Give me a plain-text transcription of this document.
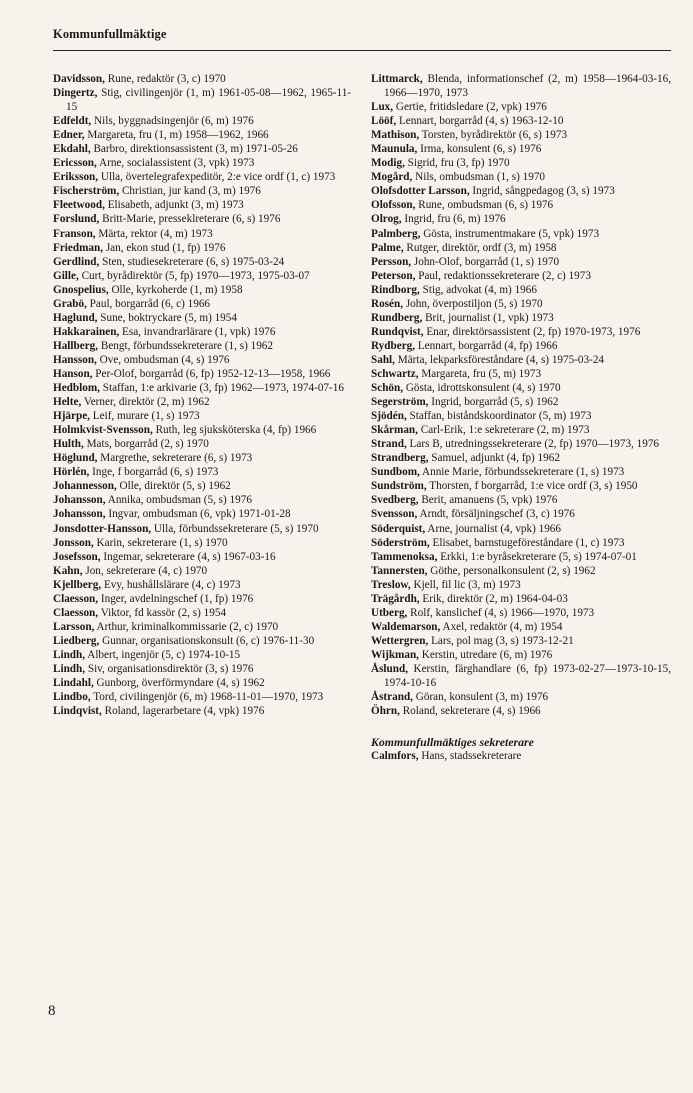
Kommunfullmäktige

Davidsson, Rune, redaktör (3, c) 1970

Dingertz, Stig, civilingenjör (1, m) 1961-05-08—1962, 1965-11-15

Edfeldt, Nils, byggnadsingenjör (6, m) 1976

Edner, Margareta, fru (1, m) 1958—1962, 1966

Ekdahl, Barbro, direktionsassistent (3, m) 1971-05-26

Ericsson, Arne, socialassistent (3, vpk) 1973

Eriksson, Ulla, övertelegrafexpeditör, 2:e vice ordf (1, c) 1973

Fischerström, Christian, jur kand (3, m) 1976

Fleetwood, Elisabeth, adjunkt (3, m) 1973

Forslund, Britt-Marie, presseklreterare (6, s) 1976

Franson, Märta, rektor (4, m) 1973

Friedman, Jan, ekon stud (1, fp) 1976

Gerdlind, Sten, studiesekreterare (6, s) 1975-03-24

Gille, Curt, byrådirektör (5, fp) 1970—1973, 1975-03-07

Gnospelius, Olle, kyrkoherde (1, m) 1958

Grabö, Paul, borgarråd (6, c) 1966

Haglund, Sune, boktryckare (5, m) 1954

Hakkarainen, Esa, invandrarlärare (1, vpk) 1976

Hallberg, Bengt, förbundssekreterare (1, s) 1962

Hansson, Ove, ombudsman (4, s) 1976

Hanson, Per-Olof, borgarråd (6, fp) 1952-12-13—1958, 1966

Hedblom, Staffan, 1:e arkivarie (3, fp) 1962—1973, 1974-07-16

Helte, Verner, direktör (2, m) 1962

Hjärpe, Leif, murare (1, s) 1973

Holmkvist-Svensson, Ruth, leg sjuksköterska (4, fp) 1966

Hulth, Mats, borgarråd (2, s) 1970

Höglund, Margrethe, sekreterare (6, s) 1973

Hörlén, Inge, f borgarråd (6, s) 1973

Johannesson, Olle, direktör (5, s) 1962

Johansson, Annika, ombudsman (5, s) 1976

Johansson, Ingvar, ombudsman (6, vpk) 1971-01-28

Jonsdotter-Hansson, Ulla, förbundssekreterare (5, s) 1970

Jonsson, Karin, sekreterare (1, s) 1970

Josefsson, Ingemar, sekreterare (4, s) 1967-03-16

Kahn, Jon, sekreterare (4, c) 1970

Kjellberg, Evy, hushållslärare (4, c) 1973

Claesson, Inger, avdelningschef (1, fp) 1976

Claesson, Viktor, fd kassör (2, s) 1954

Larsson, Arthur, kriminalkommissarie (2, c) 1970

Liedberg, Gunnar, organisationskonsult (6, c) 1976-11-30

Lindh, Albert, ingenjör (5, c) 1974-10-15

Lindh, Siv, organisationsdirektör (3, s) 1976

Lindahl, Gunborg, överförmyndare (4, s) 1962

Lindbo, Tord, civilingenjör (6, m) 1968-11-01—1970, 1973

Lindqvist, Roland, lagerarbetare (4, vpk) 1976

Littmarck, Blenda, informationschef (2, m) 1958—1964-03-16, 1966—1970, 1973

Lux, Gertie, fritidsledare (2, vpk) 1976

Lööf, Lennart, borgarråd (4, s) 1963-12-10

Mathison, Torsten, byrådirektör (6, s) 1973

Maunula, Irma, konsulent (6, s) 1976

Modig, Sigrid, fru (3, fp) 1970

Mogård, Nils, ombudsman (1, s) 1970

Olofsdotter Larsson, Ingrid, sångpedagog (3, s) 1973

Olofsson, Rune, ombudsman (6, s) 1976

Olrog, Ingrid, fru (6, m) 1976

Palmberg, Gösta, instrumentmakare (5, vpk) 1973

Palme, Rutger, direktör, ordf (3, m) 1958

Persson, John-Olof, borgarråd (1, s) 1970

Peterson, Paul, redaktionssekreterare (2, c) 1973

Rindborg, Stig, advokat (4, m) 1966

Rosén, John, överpostiljon (5, s) 1970

Rundberg, Brit, journalist (1, vpk) 1973

Rundqvist, Enar, direktörsassistent (2, fp) 1970-1973, 1976

Rydberg, Lennart, borgarråd (4, fp) 1966

Sahl, Märta, lekparksföreståndare (4, s) 1975-03-24

Schwartz, Margareta, fru (5, m) 1973

Schön, Gösta, idrottskonsulent (4, s) 1970

Segerström, Ingrid, borgarråd (5, s) 1962

Sjödén, Staffan, biståndskoordinator (5, m) 1973

Skårman, Carl-Erik, 1:e sekreterare (2, m) 1973

Strand, Lars B, utredningssekreterare (2, fp) 1970—1973, 1976

Strandberg, Samuel, adjunkt (4, fp) 1962

Sundbom, Annie Marie, förbundssekreterare (1, s) 1973

Sundström, Thorsten, f borgarråd, 1:e vice ordf (3, s) 1950

Svedberg, Berit, amanuens (5, vpk) 1976

Svensson, Arndt, försäljningschef (3, c) 1976

Söderquist, Arne, journalist (4, vpk) 1966

Söderström, Elisabet, barnstugeföreståndare (1, c) 1973

Tammenoksa, Erkki, 1:e byråsekreterare (5, s) 1974-07-01

Tannersten, Göthe, personalkonsulent (2, s) 1962

Treslow, Kjell, fil lic (3, m) 1973

Trägårdh, Erik, direktör (2, m) 1964-04-03

Utberg, Rolf, kanslichef (4, s) 1966—1970, 1973

Waldemarson, Axel, redaktör (4, m) 1954

Wettergren, Lars, pol mag (3, s) 1973-12-21

Wijkman, Kerstin, utredare (6, m) 1976

Åslund, Kerstin, färghandlare (6, fp) 1973-02-27—1973-10-15, 1974-10-16

Åstrand, Göran, konsulent (3, m) 1976

Öhrn, Roland, sekreterare (4, s) 1966

Kommunfullmäktiges sekreterare

Calmfors, Hans, stadssekreterare

8
